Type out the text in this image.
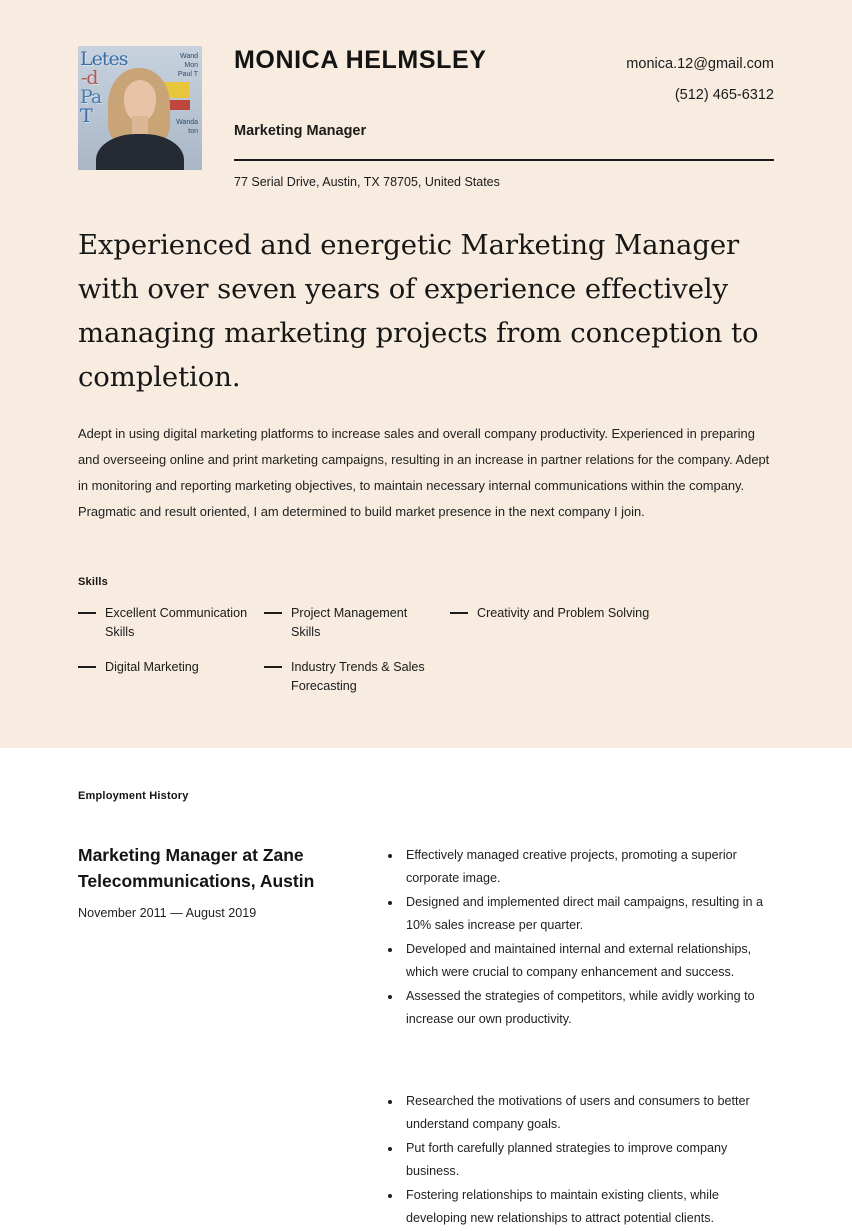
Letes
-d
Pa
T
Wand
Mon
Paul T
Wanda
ton
MONICA HELMSLEY	monica.12@gmail.com
(512) 465-6312
Marketing Manager
77 Serial Drive, Austin, TX 78705, United States

Experienced and energetic Marketing Manager with over seven years of experience effectively managing marketing projects from conception to completion.

Adept in using digital marketing platforms to increase sales and overall company productivity. Experienced in preparing and overseeing online and print marketing campaigns, resulting in an increase in partner relations for the company. Adept in monitoring and reporting marketing objectives, to maintain necessary internal communications within the company. Pragmatic and result oriented, I am determined to build market presence in the next company I join.

Skills
Excellent Communication Skills
Project Management Skills
Creativity and Problem Solving
Digital Marketing	Industry Trends & Sales Forecasting
Employment History
Marketing Manager at Zane Telecommunications, Austin
November 2011 — August 2019
• Effectively managed creative projects, promoting a superior corporate image.
• Designed and implemented direct mail campaigns, resulting in a 10% sales increase per quarter.
• Developed and maintained internal and external relationships, which were crucial to company enhancement and success.
• Assessed the strategies of competitors, while avidly working to increase our own productivity.
• Researched the motivations of users and consumers to better understand company goals.
• Put forth carefully planned strategies to improve company business.
• Fostering relationships to maintain existing clients, while developing new relationships to attract potential clients.
